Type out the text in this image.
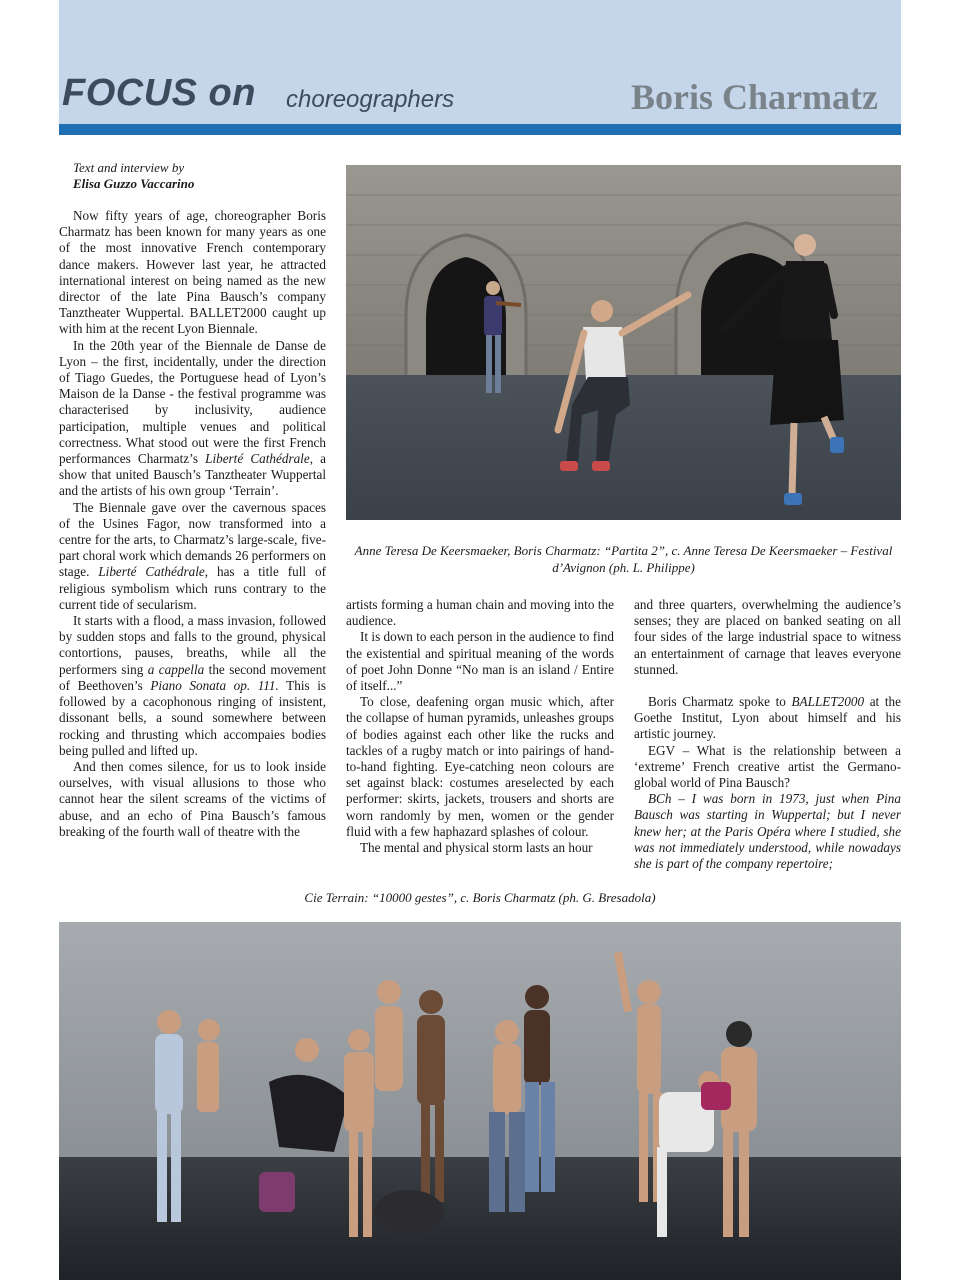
FOCUS on choreographers	Boris Charmatz
Text and interview by
Elisa Guzzo Vaccarino
Anne Teresa De Keersmaeker, Boris Charmatz: “Partita 2”, c. Anne Teresa De Keersmaeker – Festival d’Avignon (ph. L. Philippe)

Now fifty years of age, choreographer Boris Charmatz has been known for many years as one of the most innovative French contemporary dance makers. However last year, he attracted international interest on being named as the new director of the late Pina Bausch’s company Tanztheater Wuppertal. BALLET2000 caught up with him at the recent Lyon Biennale.

In the 20th year of the Biennale de Danse de Lyon – the first, incidentally, under the direction of Tiago Guedes, the Portuguese head of Lyon’s Maison de la Danse - the festival programme was characterised by inclusivity, audience participation, multiple venues and political correctness. What stood out were the first French performances Charmatz’s Liberté Cathédrale, a show that united Bausch’s Tanztheater Wuppertal and the artists of his own group ‘Terrain’.

The Biennale gave over the cavernous spaces of the Usines Fagor, now transformed into a centre for the arts, to Charmatz’s large-scale, five-part choral work which demands 26 performers on stage. Liberté Cathédrale, has a title full of religious symbolism which runs contrary to the current tide of secularism.

It starts with a flood, a mass invasion, followed by sudden stops and falls to the ground, physical contortions, pauses, breaths, while all the performers sing a cappella the second movement of Beethoven’s Piano Sonata op. 111. This is followed by a cacophonous ringing of insistent, dissonant bells, a sound somewhere between rocking and thrusting which accompaies bodies being pulled and lifted up.

And then comes silence, for us to look inside ourselves, with visual allusions to those who cannot hear the silent screams of the victims of abuse, and an echo of Pina Bausch’s famous breaking of the fourth wall of theatre with the

artists forming a human chain and moving into the audience.

It is down to each person in the audience to find the existential and spiritual meaning of the words of poet John Donne “No man is an island / Entire of itself...”

To close, deafening organ music which, after the collapse of human pyramids, unleashes groups of bodies against each other like the rucks and tackles of a rugby match or into pairings of hand-to-hand fighting. Eye-catching neon colours are set against black: costumes areselected by each performer: skirts, jackets, trousers and shorts are worn randomly by men, women or the gender fluid with a few haphazard splashes of colour.

The mental and physical storm lasts an hour

and three quarters, overwhelming the audience’s senses; they are placed on banked seating on all four sides of the large industrial space to witness an entertainment of carnage that leaves everyone stunned.

Boris Charmatz spoke to BALLET2000 at the Goethe Institut, Lyon about himself and his artistic journey.

EGV – What is the relationship between a ‘extreme’ French creative artist the Germano-global world of Pina Bausch?

BCh – I was born in 1973, just when Pina Bausch was starting in Wuppertal; but I never knew her; at the Paris Opéra where I studied, she was not immediately understood, while nowadays she is part of the company repertoire;

Cie Terrain: “10000 gestes”, c. Boris Charmatz (ph. G. Bresadola)
